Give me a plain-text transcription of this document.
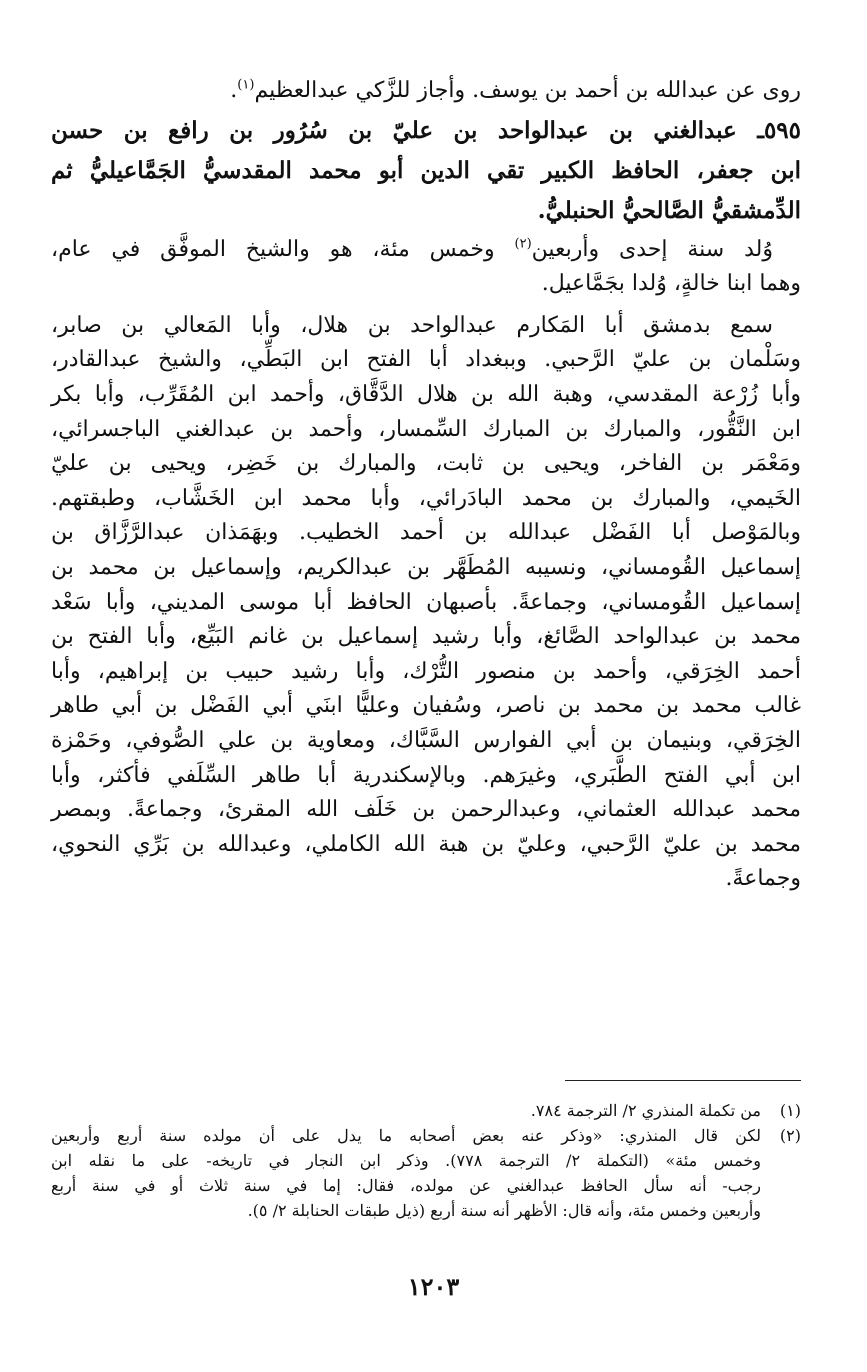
روى عن عبدالله بن أحمد بن يوسف. وأجاز للزَّكي عبدالعظيم$^{(١)}$.
٥٩٥ـ عبدالغني بن عبدالواحد بن عليّ بن سُرُور بن رافع بن حسن
ابن جعفر، الحافظ الكبير تقي الدين أبو محمد المقدسيُّ الجَمَّاعيليُّ ثم
الدِّمشقيُّ الصَّالحيُّ الحنبليُّ.
وُلد سنة إحدى وأربعين$^{(٢)}$ وخمس مئة، هو والشيخ الموفَّق في عام،
وهما ابنا خالةٍ، وُلدا بجَمَّاعيل.
سمع بدمشق أبا المَكارم عبدالواحد بن هلال، وأبا المَعالي بن صابر،
وسَلْمان بن عليّ الرَّحبي. وببغداد أبا الفتح ابن البَطِّي، والشيخ عبدالقادر،
وأبا زُرْعة المقدسي، وهبة الله بن هلال الدَّقَّاق، وأحمد ابن المُقَرِّب، وأبا بكر
ابن النَّقُّور، والمبارك بن المبارك السِّمسار، وأحمد بن عبدالغني الباجسرائي،
ومَعْمَر بن الفاخر، ويحيى بن ثابت، والمبارك بن خَضِر، ويحيى بن عليّ
الخَيمي، والمبارك بن محمد البادَرائي، وأبا محمد ابن الخَشَّاب، وطبقتهم.
وبالمَوْصل أبا الفَضْل عبدالله بن أحمد الخطيب. وبهَمَذان عبدالرَّزَّاق بن
إسماعيل القُومساني، ونسيبه المُطَهَّر بن عبدالكريم، وإسماعيل بن محمد بن
إسماعيل القُومساني، وجماعةً. بأصبهان الحافظ أبا موسى المديني، وأبا سَعْد
محمد بن عبدالواحد الصَّائغ، وأبا رشيد إسماعيل بن غانم البَيِّع، وأبا الفتح بن
أحمد الخِرَقي، وأحمد بن منصور التُّرْك، وأبا رشيد حبيب بن إبراهيم، وأبا
غالب محمد بن محمد بن ناصر، وسُفيان وعليًّا ابنَي أبي الفَضْل بن أبي طاهر
الخِرَقي، وبنيمان بن أبي الفوارس السَّبَّاك، ومعاوية بن علي الصُّوفي، وحَمْزة
ابن أبي الفتح الطَّبَري، وغيرَهم. وبالإسكندرية أبا طاهر السِّلَفي فأكثر، وأبا
محمد عبدالله العثماني، وعبدالرحمن بن خَلَف الله المقرئ، وجماعةً. وبمصر
محمد بن عليّ الرَّحبي، وعليّ بن هبة الله الكاملي، وعبدالله بن بَرِّي النحوي،
وجماعةً.
(١)من تكملة المنذري ٢/ الترجمة ٧٨٤.
(٢)لكن قال المنذري: «وذكر عنه بعض أصحابه ما يدل على أن مولده سنة أربع وأربعين
وخمس مئة» (التكملة ٢/ الترجمة ٧٧٨). وذكر ابن النجار في تاريخه- على ما نقله ابن
رجب- أنه سأل الحافظ عبدالغني عن مولده، فقال: إما في سنة ثلاث أو في سنة أربع
وأربعين وخمس مئة، وأنه قال: الأظهر أنه سنة أربع (ذيل طبقات الحنابلة ٢/ ٥).
١٢٠٣
